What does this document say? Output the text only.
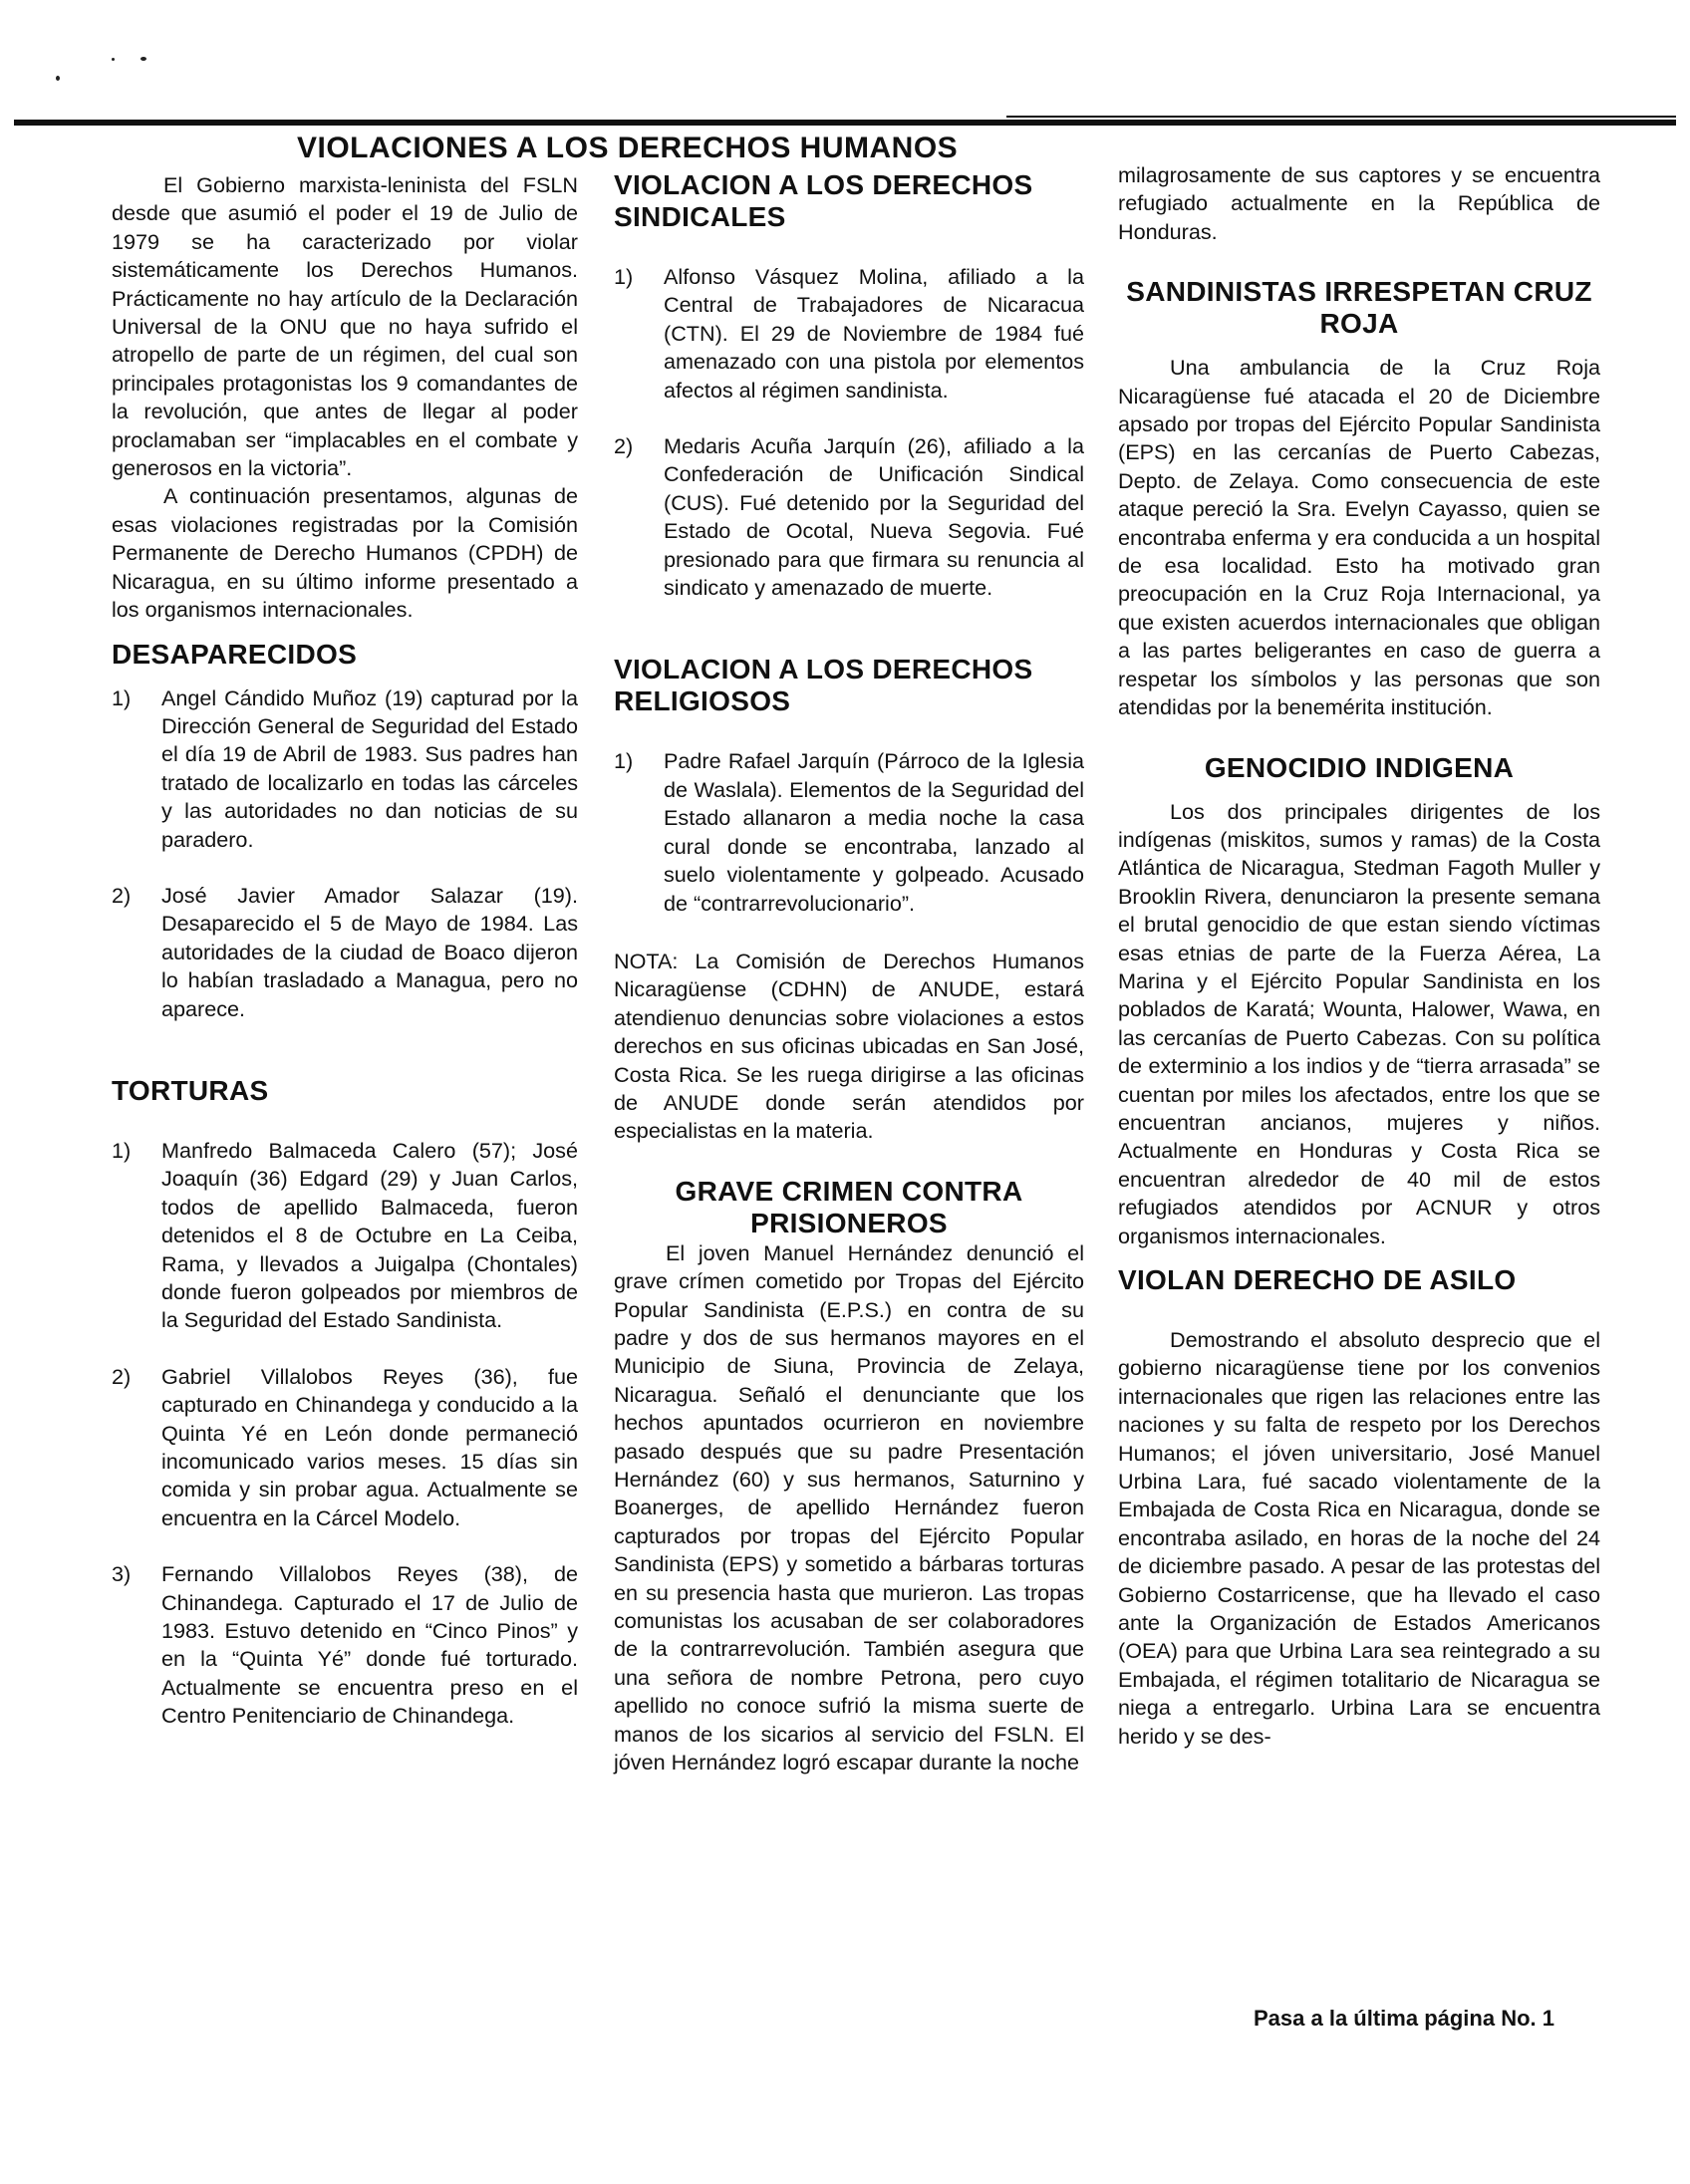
VIOLACIONES A LOS DERECHOS HUMANOS

El Gobierno marxista-leninista del FSLN desde que asumió el poder el 19 de Julio de 1979 se ha caracterizado por violar sistemáticamente los Derechos Humanos. Prácticamente no hay artículo de la Declaración Universal de la ONU que no haya sufrido el atropello de parte de un régimen, del cual son principales protagonistas los 9 comandantes de la revolución, que antes de llegar al poder proclamaban ser “implacables en el combate y generosos en la victoria”.

A continuación presentamos, algunas de esas violaciones registradas por la Comisión Permanente de Derecho Humanos (CPDH) de Nicaragua, en su último informe presentado a los organismos internacionales.

DESAPARECIDOS
1)	Angel Cándido Muñoz (19) capturad por la Dirección General de Seguridad del Estado el día 19 de Abril de 1983. Sus padres han tratado de localizarlo en todas las cárceles y las autoridades no dan noticias de su paradero.
2)	José Javier Amador Salazar (19). Desaparecido el 5 de Mayo de 1984. Las autoridades de la ciudad de Boaco dijeron lo habían trasladado a Managua, pero no aparece.
TORTURAS
1)	Manfredo Balmaceda Calero (57); José Joaquín (36) Edgard (29) y Juan Carlos, todos de apellido Balmaceda, fueron detenidos el 8 de Octubre en La Ceiba, Rama, y llevados a Juigalpa (Chontales) donde fueron golpeados por miembros de la Seguridad del Estado Sandinista.
2)	Gabriel Villalobos Reyes (36), fue capturado en Chinandega y conducido a la Quinta Yé en León donde permaneció incomunicado varios meses. 15 días sin comida y sin probar agua. Actualmente se encuentra en la Cárcel Modelo.
3)	Fernando Villalobos Reyes (38), de Chinandega. Capturado el 17 de Julio de 1983. Estuvo detenido en “Cinco Pinos” y en la “Quinta Yé” donde fué torturado. Actualmente se encuentra preso en el Centro Penitenciario de Chinandega.
VIOLACION A LOS DERECHOS SINDICALES
1)	Alfonso Vásquez Molina, afiliado a la Central de Trabajadores de Nicaracua (CTN). El 29 de Noviembre de 1984 fué amenazado con una pistola por elementos afectos al régimen sandinista.
2)	Medaris Acuña Jarquín (26), afiliado a la Confederación de Unificación Sindical (CUS). Fué detenido por la Seguridad del Estado de Ocotal, Nueva Segovia. Fué presionado para que firmara su renuncia al sindicato y amenazado de muerte.
VIOLACION A LOS DERECHOS RELIGIOSOS
1)	Padre Rafael Jarquín (Párroco de la Iglesia de Waslala). Elementos de la Seguridad del Estado allanaron a media noche la casa cural donde se encontraba, lanzado al suelo violentamente y golpeado. Acusado de “contrarrevolucionario”.

NOTA: La Comisión de Derechos Humanos Nicaragüense (CDHN) de ANUDE, estará atendienuo denuncias sobre violaciones a estos derechos en sus oficinas ubicadas en San José, Costa Rica. Se les ruega dirigirse a las oficinas de ANUDE donde serán atendidos por especialistas en la materia.

GRAVE CRIMEN CONTRA PRISIONEROS

El joven Manuel Hernández denunció el grave crímen cometido por Tropas del Ejército Popular Sandinista (E.P.S.) en contra de su padre y dos de sus hermanos mayores en el Municipio de Siuna, Provincia de Zelaya, Nicaragua. Señaló el denunciante que los hechos apuntados ocurrieron en noviembre pasado después que su padre Presentación Hernández (60) y sus hermanos, Saturnino y Boanerges, de apellido Hernández fueron capturados por tropas del Ejército Popular Sandinista (EPS) y sometido a bárbaras torturas en su presencia hasta que murieron. Las tropas comunistas los acusaban de ser colaboradores de la contrarrevolución. También asegura que una señora de nombre Petrona, pero cuyo apellido no conoce sufrió la misma suerte de manos de los sicarios al servicio del FSLN. El jóven Hernández logró escapar durante la noche

milagrosamente de sus captores y se encuentra refugiado actualmente en la República de Honduras.

SANDINISTAS IRRESPETAN CRUZ ROJA

Una ambulancia de la Cruz Roja Nicaragüense fué atacada el 20 de Diciembre apsado por tropas del Ejército Popular Sandinista (EPS) en las cercanías de Puerto Cabezas, Depto. de Zelaya. Como consecuencia de este ataque pereció la Sra. Evelyn Cayasso, quien se encontraba enferma y era conducida a un hospital de esa localidad. Esto ha motivado gran preocupación en la Cruz Roja Internacional, ya que existen acuerdos internacionales que obligan a las partes beligerantes en caso de guerra a respetar los símbolos y las personas que son atendidas por la benemérita institución.

GENOCIDIO INDIGENA

Los dos principales dirigentes de los indígenas (miskitos, sumos y ramas) de la Costa Atlántica de Nicaragua, Stedman Fagoth Muller y Brooklin Rivera, denunciaron la presente semana el brutal genocidio de que estan siendo víctimas esas etnias de parte de la Fuerza Aérea, La Marina y el Ejército Popular Sandinista en los poblados de Karatá; Wounta, Halower, Wawa, en las cercanías de Puerto Cabezas. Con su política de exterminio a los indios y de “tierra arrasada” se cuentan por miles los afectados, entre los que se encuentran ancianos, mujeres y niños. Actualmente en Honduras y Costa Rica se encuentran alrededor de 40 mil de estos refugiados atendidos por ACNUR y otros organismos internacionales.

VIOLAN DERECHO DE ASILO

Demostrando el absoluto desprecio que el gobierno nicaragüense tiene por los convenios internacionales que rigen las relaciones entre las naciones y su falta de respeto por los Derechos Humanos; el jóven universitario, José Manuel Urbina Lara, fué sacado violentamente de la Embajada de Costa Rica en Nicaragua, donde se encontraba asilado, en horas de la noche del 24 de diciembre pasado. A pesar de las protestas del Gobierno Costarricense, que ha llevado el caso ante la Organización de Estados Americanos (OEA) para que Urbina Lara sea reintegrado a su Embajada, el régimen totalitario de Nicaragua se niega a entregarlo. Urbina Lara se encuentra herido y se des-

Pasa a la última página No. 1
